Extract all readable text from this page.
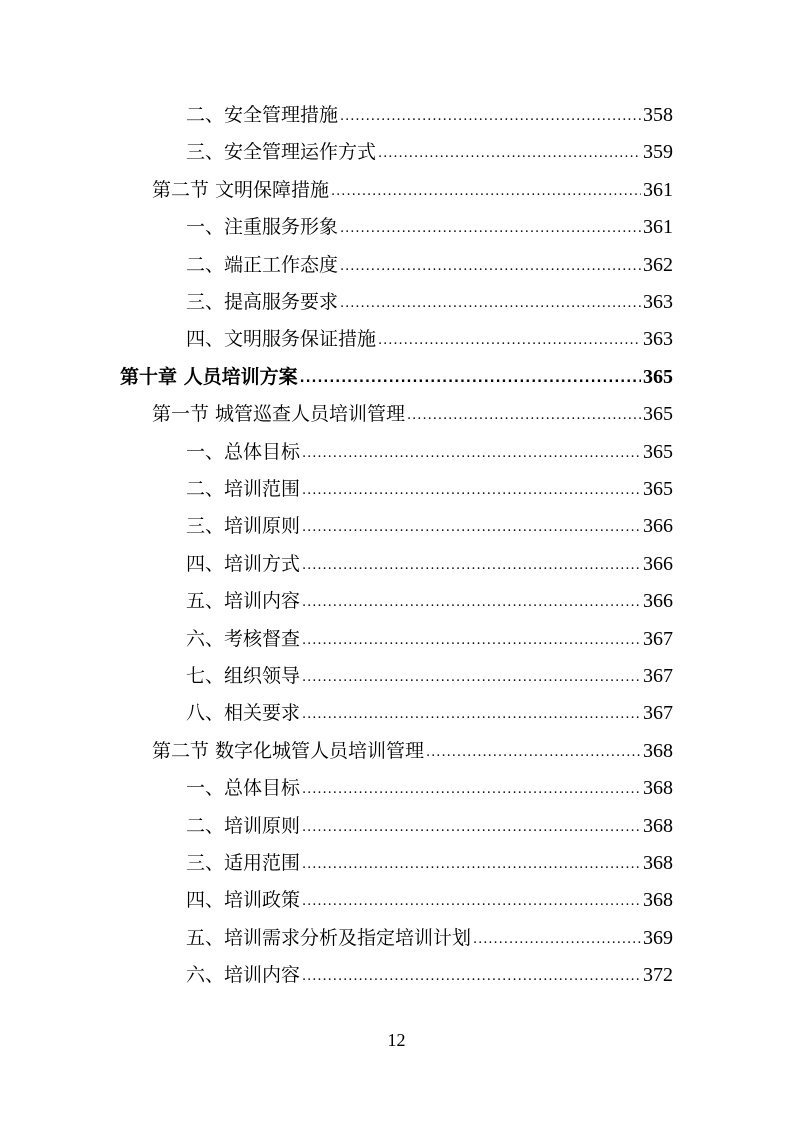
二、安全管理措施 .....	358
三、安全管理运作方式 .....	359
第二节 文明保障措施 .....	361
一、注重服务形象 .....	361
二、端正工作态度 .....	362
三、提高服务要求 .....	363
四、文明服务保证措施 .....	363
第十章 人员培训方案 .....	365
第一节 城管巡查人员培训管理 .....	365
一、总体目标 .....	365
二、培训范围 .....	365
三、培训原则 .....	366
四、培训方式 .....	366
五、培训内容 .....	366
六、考核督查 .....	367
七、组织领导 .....	367
八、相关要求 .....	367
第二节 数字化城管人员培训管理 .....	368
一、总体目标 .....	368
二、培训原则 .....	368
三、适用范围 .....	368
四、培训政策 .....	368
五、培训需求分析及指定培训计划 .....	369
六、培训内容 .....	372
12
